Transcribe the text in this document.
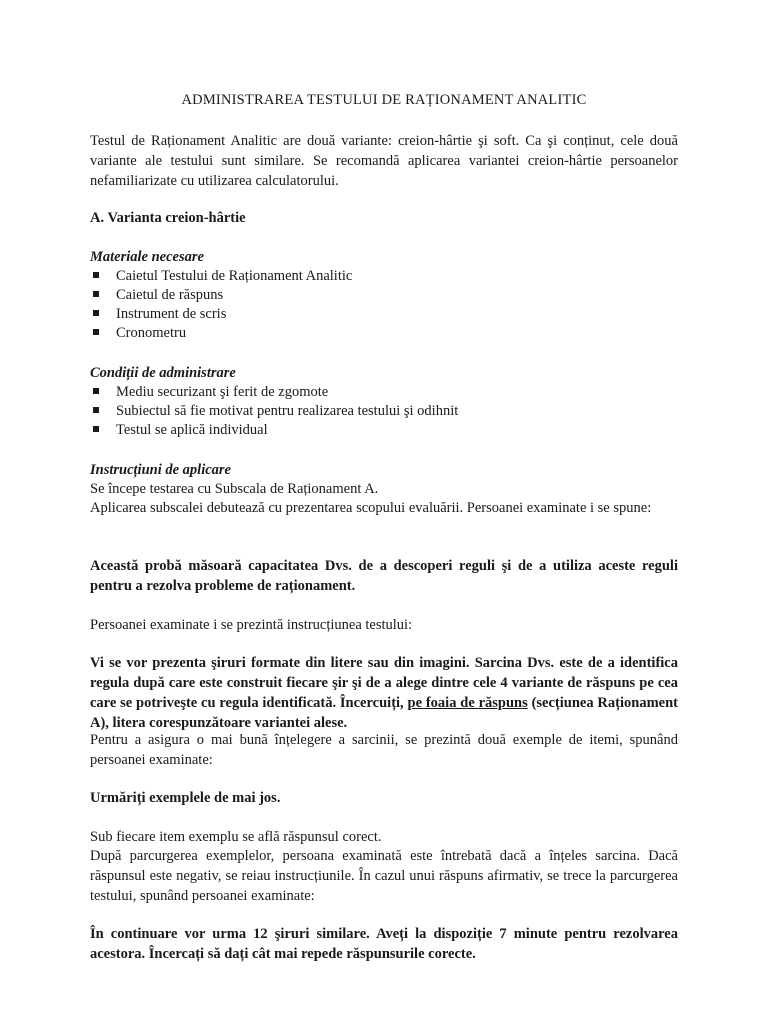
ADMINISTRAREA TESTULUI DE RAȚIONAMENT ANALITIC
Testul de Raționament Analitic are două variante: creion-hârtie şi soft. Ca şi conținut, cele două variante ale testului sunt similare. Se recomandă aplicarea variantei creion-hârtie persoanelor nefamiliarizate cu utilizarea calculatorului.
A. Varianta creion-hârtie
Materiale necesare
Caietul Testului de Raționament Analitic
Caietul de răspuns
Instrument de scris
Cronometru
Condiții de administrare
Mediu securizant şi ferit de zgomote
Subiectul să fie motivat pentru realizarea testului şi odihnit
Testul se aplică individual
Instrucțiuni de aplicare
Se începe testarea cu Subscala de Raționament A.
Aplicarea subscalei debutează cu prezentarea scopului evaluării. Persoanei examinate i se spune:
Această probă măsoară capacitatea Dvs. de a descoperi reguli şi de a utiliza aceste reguli pentru a rezolva probleme de raționament.
Persoanei examinate i se prezintă instrucțiunea testului:
Vi se vor prezenta şiruri formate din litere sau din imagini. Sarcina Dvs. este de a identifica regula după care este construit fiecare şir şi de a alege dintre cele 4 variante de răspuns pe cea care se potriveşte cu regula identificată. Încercuiți, pe foaia de răspuns (secțiunea Raționament A), litera corespunzătoare variantei alese.
Pentru a asigura o mai bună înțelegere a sarcinii, se prezintă două exemple de itemi, spunând persoanei examinate:
Urmăriți exemplele de mai jos.
Sub fiecare item exemplu se află răspunsul corect.
După parcurgerea exemplelor, persoana examinată este întrebată dacă a înțeles sarcina. Dacă răspunsul este negativ, se reiau instrucțiunile. În cazul unui răspuns afirmativ, se trece la parcurgerea testului, spunând persoanei examinate:
În continuare vor urma 12 şiruri similare. Aveți la dispoziție 7 minute pentru rezolvarea acestora. Încercați să dați cât mai repede răspunsurile corecte.
